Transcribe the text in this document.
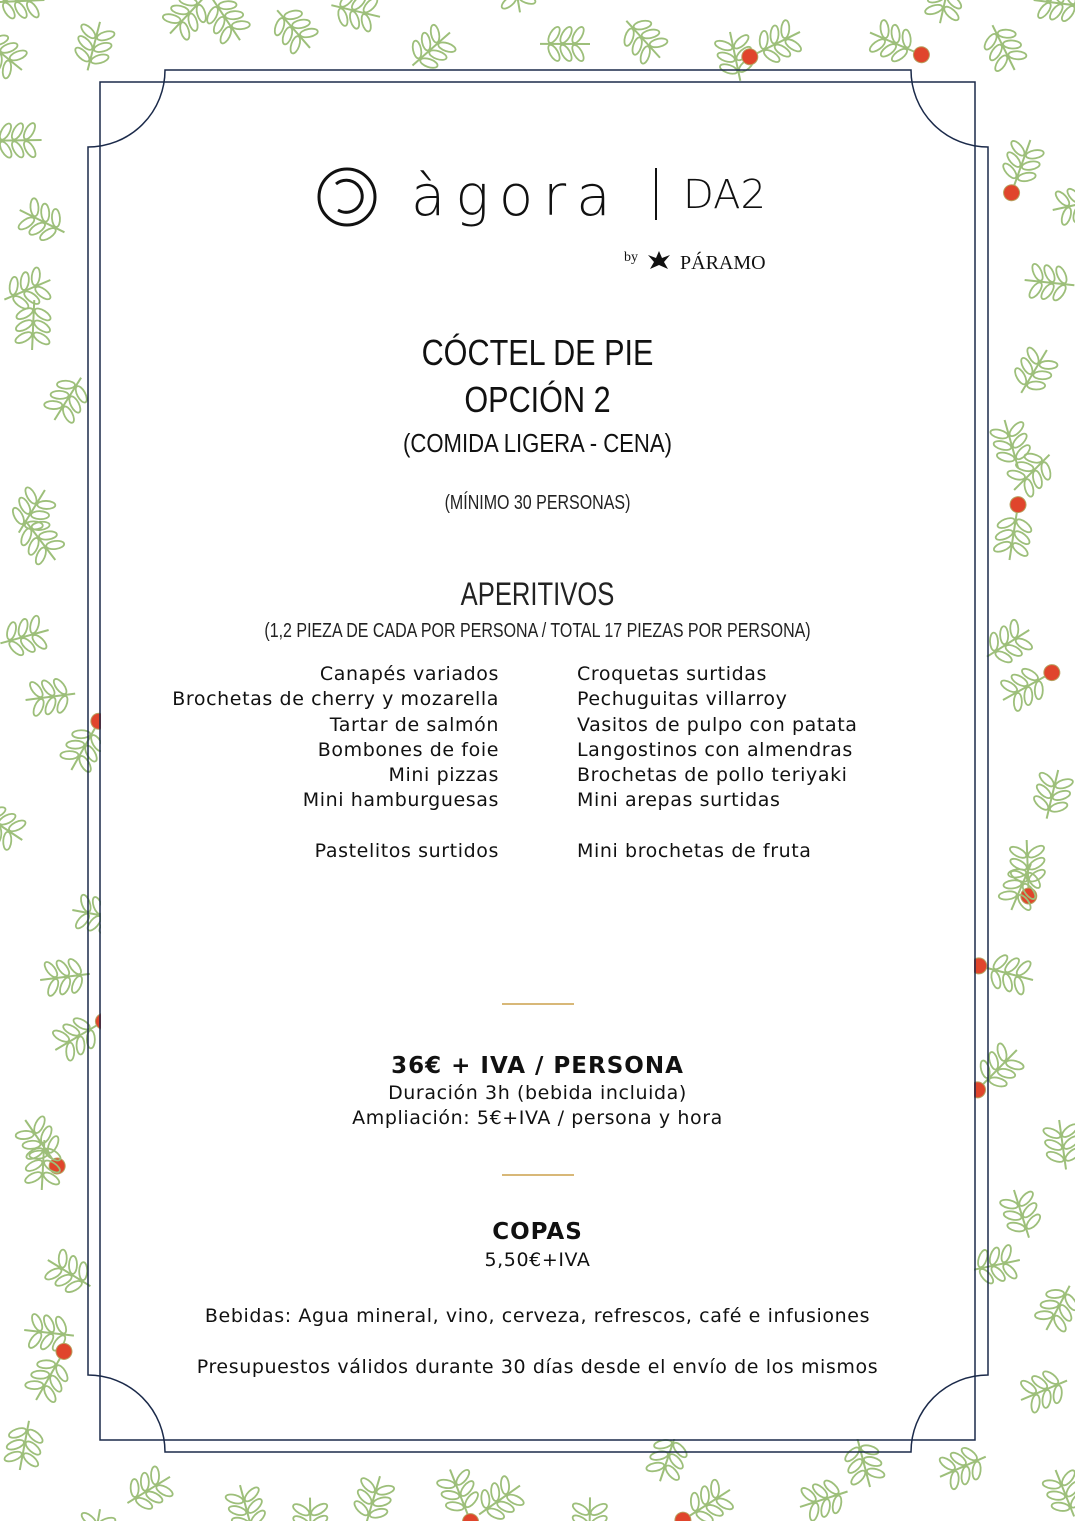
àgora DA2
by PÁRAMO
CÓCTEL DE PIE
OPCIÓN 2
(COMIDA LIGERA - CENA)
(MÍNIMO 30 PERSONAS)
APERITIVOS
(1,2 PIEZA DE CADA POR PERSONA / TOTAL 17 PIEZAS POR PERSONA)
Canapés variados
Brochetas de cherry y mozarella
Tartar de salmón
Bombones de foie
Mini pizzas
Mini hamburguesas
Pastelitos surtidos
Croquetas surtidas
Pechuguitas villarroy
Vasitos de pulpo con patata
Langostinos con almendras
Brochetas de pollo teriyaki
Mini arepas surtidas
Mini brochetas de fruta
36€ + IVA / PERSONA
Duración 3h (bebida incluida)
Ampliación: 5€+IVA / persona y hora
COPAS
5,50€+IVA
Bebidas: Agua mineral, vino, cerveza, refrescos, café e infusiones
Presupuestos válidos durante 30 días desde el envío de los mismos
